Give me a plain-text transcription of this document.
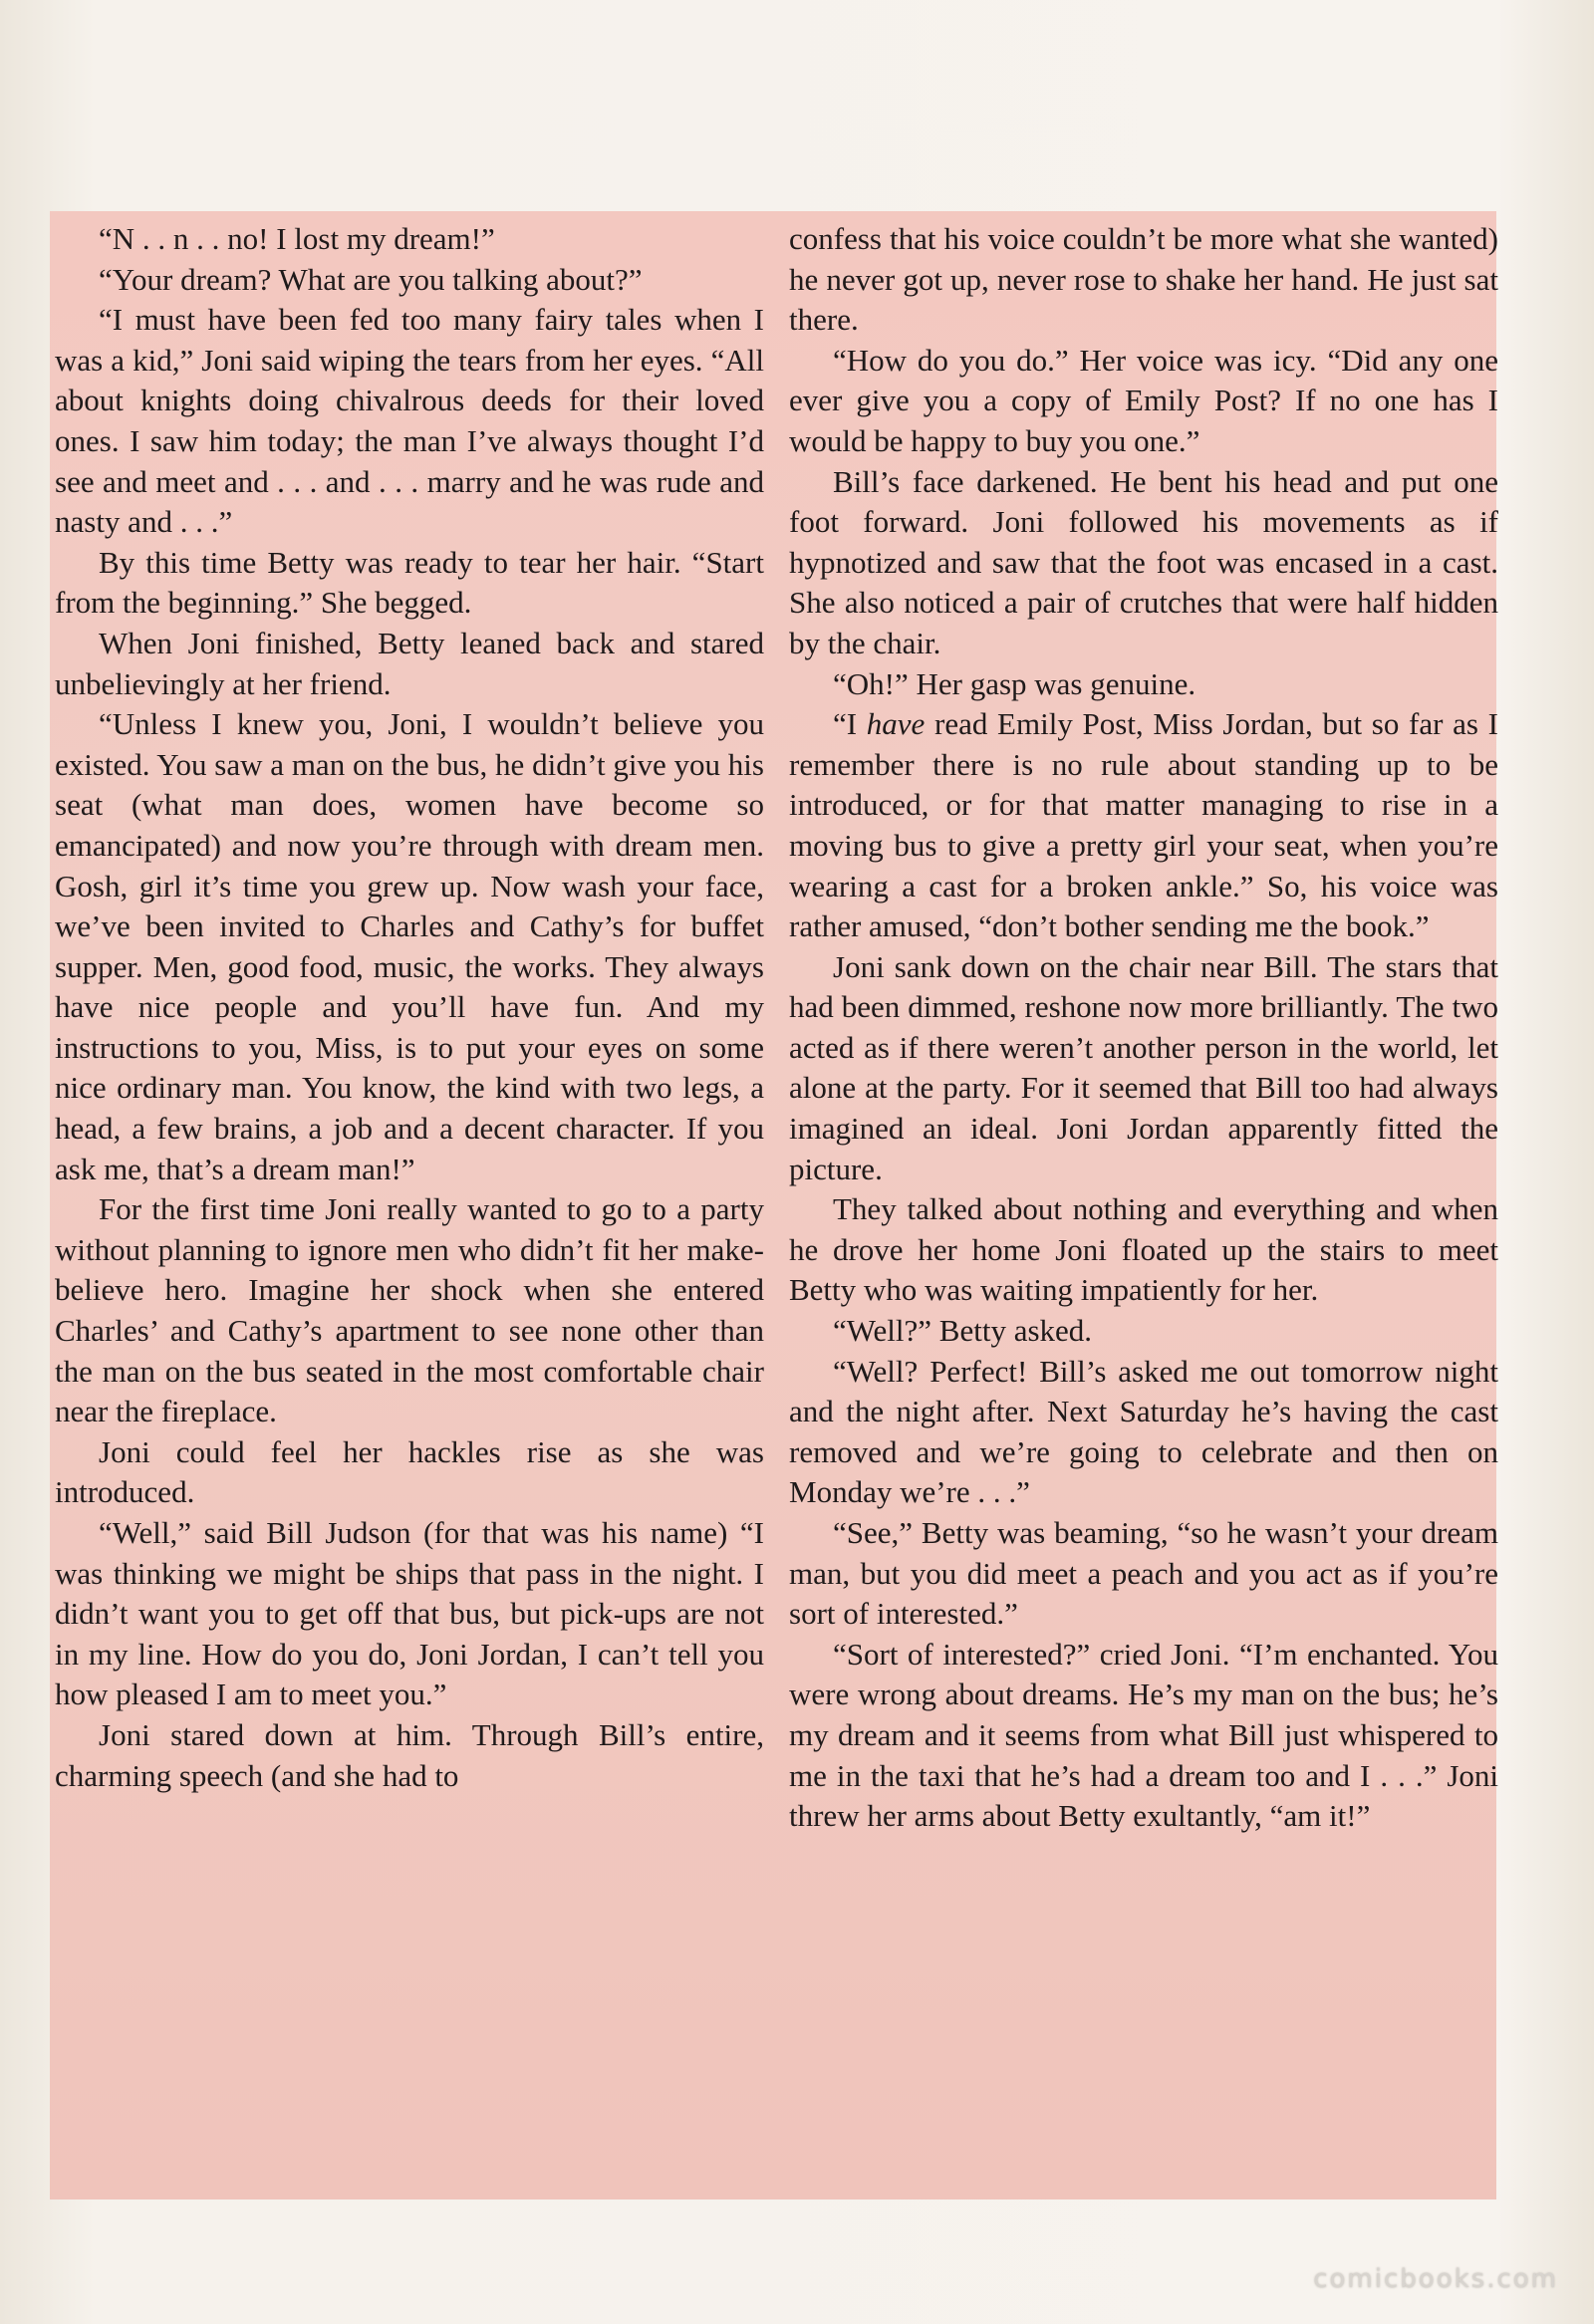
“N . . n . . no! I lost my dream!”

“Your dream? What are you talking about?”

“I must have been fed too many fairy tales when I was a kid,” Joni said wiping the tears from her eyes. “All about knights doing chivalrous deeds for their loved ones. I saw him today; the man I’ve always thought I’d see and meet and . . . and . . . marry and he was rude and nasty and . . .”

By this time Betty was ready to tear her hair. “Start from the beginning.” She begged.

When Joni finished, Betty leaned back and stared unbelievingly at her friend.

“Unless I knew you, Joni, I wouldn’t believe you existed. You saw a man on the bus, he didn’t give you his seat (what man does, women have become so emancipated) and now you’re through with dream men. Gosh, girl it’s time you grew up. Now wash your face, we’ve been invited to Charles and Cathy’s for buffet supper. Men, good food, music, the works. They always have nice people and you’ll have fun. And my instructions to you, Miss, is to put your eyes on some nice ordinary man. You know, the kind with two legs, a head, a few brains, a job and a decent character. If you ask me, that’s a dream man!”

For the first time Joni really wanted to go to a party without planning to ignore men who didn’t fit her make-believe hero. Imagine her shock when she entered Charles’ and Cathy’s apartment to see none other than the man on the bus seated in the most comfortable chair near the fireplace.

Joni could feel her hackles rise as she was introduced.

“Well,” said Bill Judson (for that was his name) “I was thinking we might be ships that pass in the night. I didn’t want you to get off that bus, but pick-ups are not in my line. How do you do, Joni Jordan, I can’t tell you how pleased I am to meet you.”

Joni stared down at him. Through Bill’s entire, charming speech (and she had to

confess that his voice couldn’t be more what she wanted) he never got up, never rose to shake her hand. He just sat there.

“How do you do.” Her voice was icy. “Did any one ever give you a copy of Emily Post? If no one has I would be happy to buy you one.”

Bill’s face darkened. He bent his head and put one foot forward. Joni followed his movements as if hypnotized and saw that the foot was encased in a cast. She also noticed a pair of crutches that were half hidden by the chair.

“Oh!” Her gasp was genuine.

“I have read Emily Post, Miss Jordan, but so far as I remember there is no rule about standing up to be introduced, or for that matter managing to rise in a moving bus to give a pretty girl your seat, when you’re wearing a cast for a broken ankle.” So, his voice was rather amused, “don’t bother sending me the book.”

Joni sank down on the chair near Bill. The stars that had been dimmed, reshone now more brilliantly. The two acted as if there weren’t another person in the world, let alone at the party. For it seemed that Bill too had always imagined an ideal. Joni Jordan apparently fitted the picture.

They talked about nothing and everything and when he drove her home Joni floated up the stairs to meet Betty who was waiting impatiently for her.

“Well?” Betty asked.

“Well? Perfect! Bill’s asked me out tomorrow night and the night after. Next Saturday he’s having the cast removed and we’re going to celebrate and then on Monday we’re . . .”

“See,” Betty was beaming, “so he wasn’t your dream man, but you did meet a peach and you act as if you’re sort of interested.”

“Sort of interested?” cried Joni. “I’m enchanted. You were wrong about dreams. He’s my man on the bus; he’s my dream and it seems from what Bill just whispered to me in the taxi that he’s had a dream too and I . . .” Joni threw her arms about Betty exultantly, “am it!”

comicbooks.com
